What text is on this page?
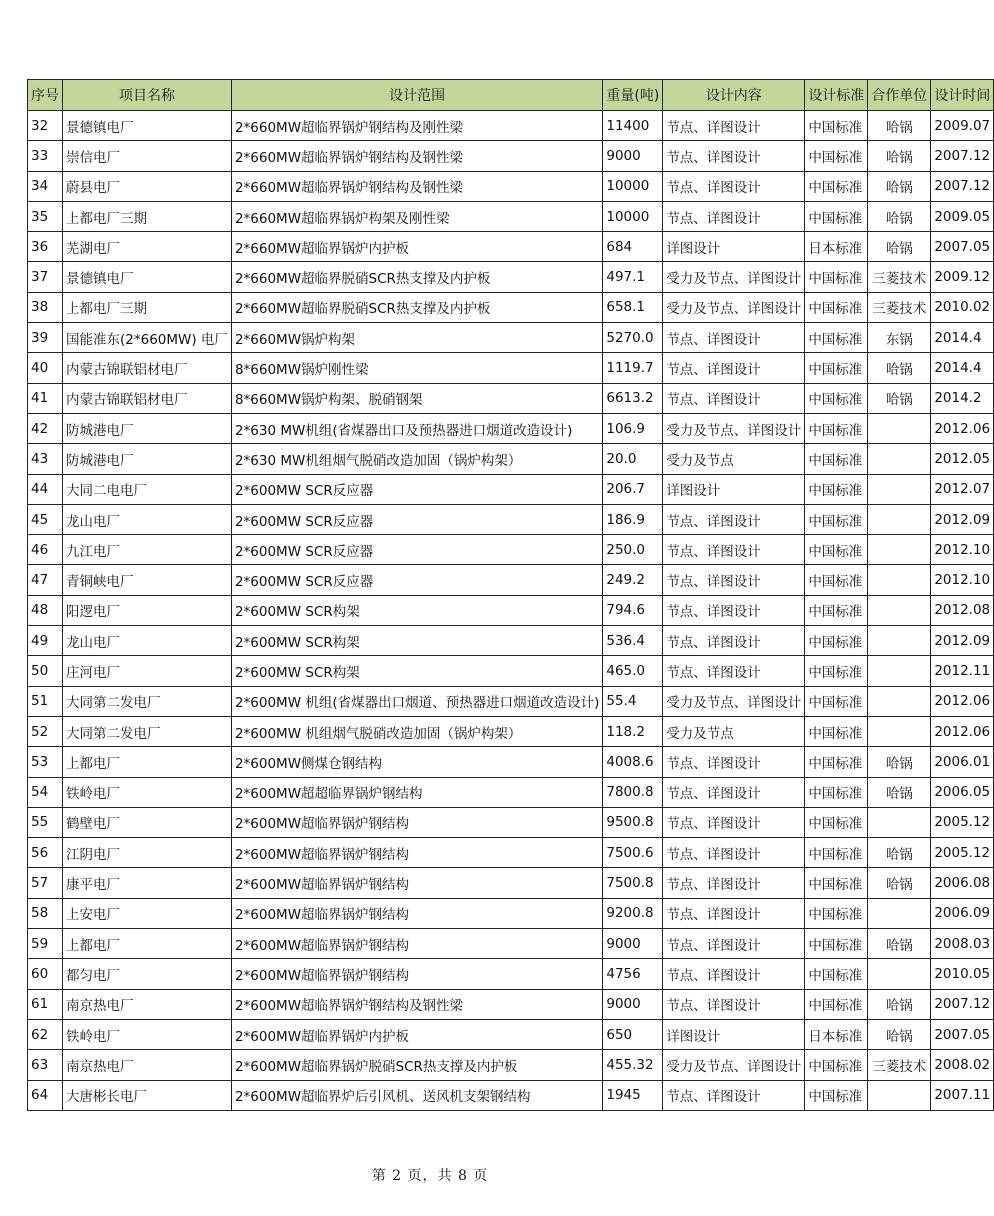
序号	项目名称	设计范围	重量(吨)	设计内容	设计标准	合作单位	设计时间
32	景德镇电厂	2*660MW超临界锅炉钢结构及刚性梁	11400	节点、详图设计	中国标准	哈锅	2009.07
33	崇信电厂	2*660MW超临界锅炉钢结构及钢性梁	9000	节点、详图设计	中国标准	哈锅	2007.12
34	蔚县电厂	2*660MW超临界锅炉钢结构及钢性梁	10000	节点、详图设计	中国标准	哈锅	2007.12
35	上都电厂三期	2*660MW超临界锅炉构架及刚性梁	10000	节点、详图设计	中国标准	哈锅	2009.05
36	芜湖电厂	2*660MW超临界锅炉内护板	684	详图设计	日本标准	哈锅	2007.05
37	景德镇电厂	2*660MW超临界脱硝SCR热支撑及内护板	497.1	受力及节点、详图设计	中国标准	三菱技术	2009.12
38	上都电厂三期	2*660MW超临界脱硝SCR热支撑及内护板	658.1	受力及节点、详图设计	中国标准	三菱技术	2010.02
39	国能准东(2*660MW) 电厂	2*660MW锅炉构架	5270.0	节点、详图设计	中国标准	东锅	2014.4
40	内蒙古锦联铝材电厂	8*660MW锅炉刚性梁	1119.7	节点、详图设计	中国标准	哈锅	2014.4
41	内蒙古锦联铝材电厂	8*660MW锅炉构架、脱硝钢架	6613.2	节点、详图设计	中国标准	哈锅	2014.2
42	防城港电厂	2*630 MW机组(省煤器出口及预热器进口烟道改造设计)	106.9	受力及节点、详图设计	中国标准		2012.06
43	防城港电厂	2*630 MW机组烟气脱硝改造加固（锅炉构架）	20.0	受力及节点	中国标准		2012.05
44	大同二电电厂	2*600MW SCR反应器	206.7	详图设计	中国标准		2012.07
45	龙山电厂	2*600MW SCR反应器	186.9	节点、详图设计	中国标准		2012.09
46	九江电厂	2*600MW SCR反应器	250.0	节点、详图设计	中国标准		2012.10
47	青铜峡电厂	2*600MW SCR反应器	249.2	节点、详图设计	中国标准		2012.10
48	阳逻电厂	2*600MW SCR构架	794.6	节点、详图设计	中国标准		2012.08
49	龙山电厂	2*600MW SCR构架	536.4	节点、详图设计	中国标准		2012.09
50	庄河电厂	2*600MW SCR构架	465.0	节点、详图设计	中国标准		2012.11
51	大同第二发电厂	2*600MW 机组(省煤器出口烟道、预热器进口烟道改造设计)	55.4	受力及节点、详图设计	中国标准		2012.06
52	大同第二发电厂	2*600MW 机组烟气脱硝改造加固（锅炉构架）	118.2	受力及节点	中国标准		2012.06
53	上都电厂	2*600MW侧煤仓钢结构	4008.6	节点、详图设计	中国标准	哈锅	2006.01
54	铁岭电厂	2*600MW超超临界锅炉钢结构	7800.8	节点、详图设计	中国标准	哈锅	2006.05
55	鹤壁电厂	2*600MW超临界锅炉钢结构	9500.8	节点、详图设计	中国标准		2005.12
56	江阴电厂	2*600MW超临界锅炉钢结构	7500.6	节点、详图设计	中国标准	哈锅	2005.12
57	康平电厂	2*600MW超临界锅炉钢结构	7500.8	节点、详图设计	中国标准	哈锅	2006.08
58	上安电厂	2*600MW超临界锅炉钢结构	9200.8	节点、详图设计	中国标准		2006.09
59	上都电厂	2*600MW超临界锅炉钢结构	9000	节点、详图设计	中国标准	哈锅	2008.03
60	都匀电厂	2*600MW超临界锅炉钢结构	4756	节点、详图设计	中国标准		2010.05
61	南京热电厂	2*600MW超临界锅炉钢结构及钢性梁	9000	节点、详图设计	中国标准	哈锅	2007.12
62	铁岭电厂	2*600MW超临界锅炉内护板	650	详图设计	日本标准	哈锅	2007.05
63	南京热电厂	2*600MW超临界锅炉脱硝SCR热支撑及内护板	455.32	受力及节点、详图设计	中国标准	三菱技术	2008.02
64	大唐彬长电厂	2*600MW超临界炉后引风机、送风机支架钢结构	1945	节点、详图设计	中国标准		2007.11
第 2 页，共 8 页
